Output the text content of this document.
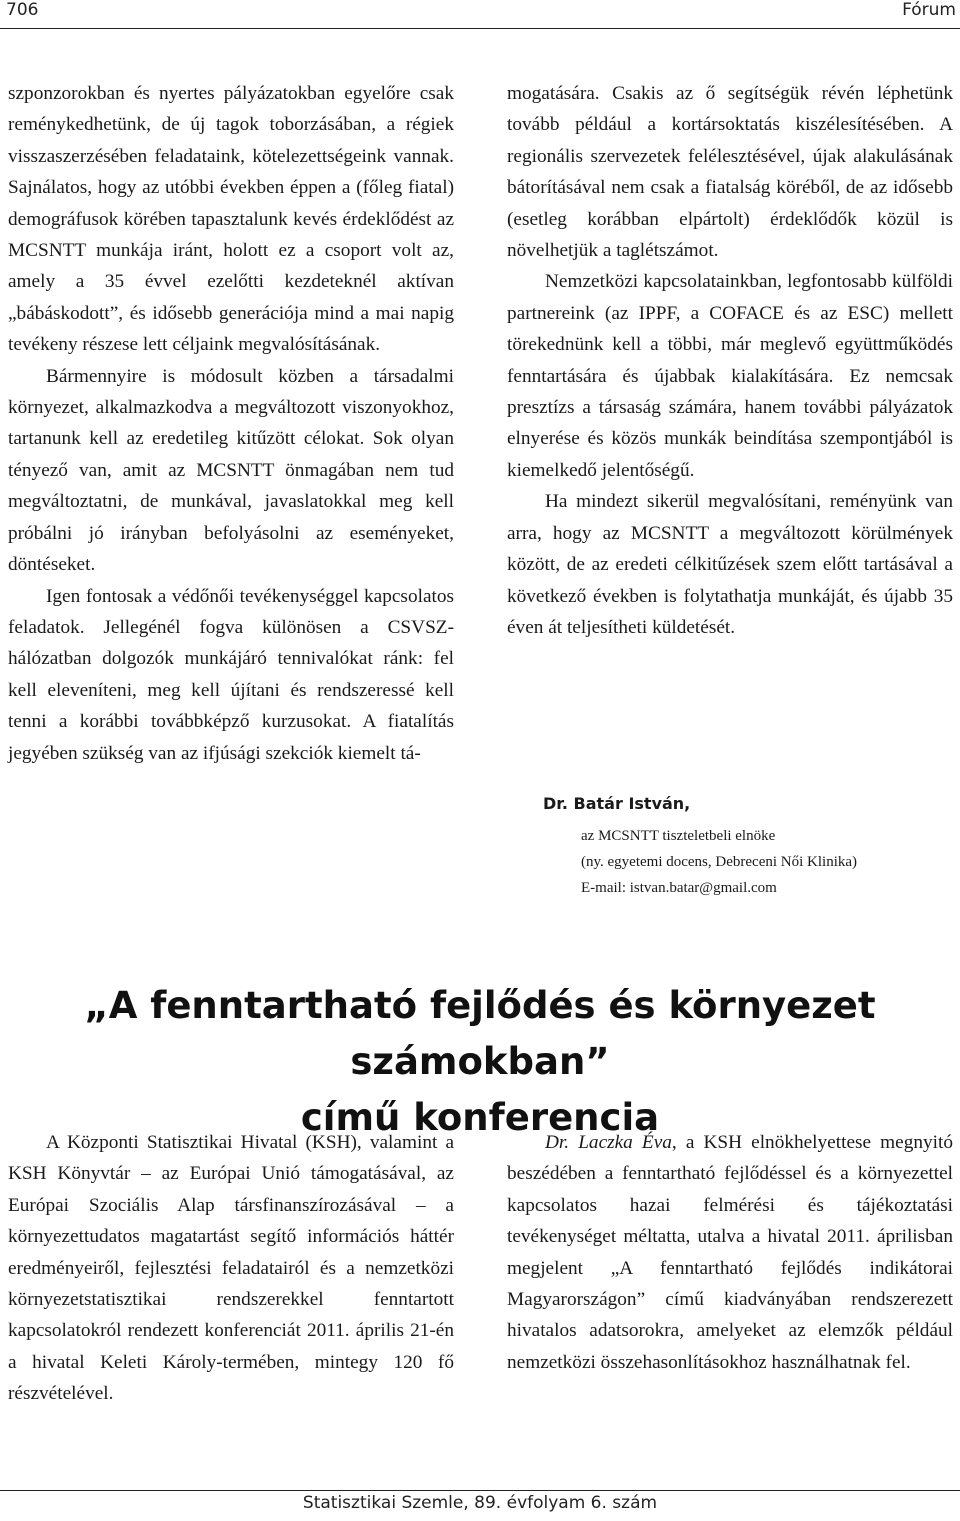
706	Fórum

szponzorokban és nyertes pályázatokban egyelőre csak reménykedhetünk, de új tagok toborzásában, a régiek visszaszerzésében feladataink, kötelezettségeink vannak. Sajnálatos, hogy az utóbbi években éppen a (főleg fiatal) demográfusok körében tapasztalunk kevés érdeklődést az MCSNTT munkája iránt, holott ez a csoport volt az, amely a 35 évvel ezelőtti kezdeteknél aktívan „bábáskodott”, és idősebb generációja mind a mai napig tevékeny részese lett céljaink megvalósításának.

Bármennyire is módosult közben a társadalmi környezet, alkalmazkodva a megváltozott viszonyokhoz, tartanunk kell az eredetileg kitűzött célokat. Sok olyan tényező van, amit az MCSNTT önmagában nem tud megváltoztatni, de munkával, javaslatokkal meg kell próbálni jó irányban befolyásolni az eseményeket, döntéseket.

Igen fontosak a védőnői tevékenységgel kapcsolatos feladatok. Jellegénél fogva különösen a CSVSZ-hálózatban dolgozók munkájáró tennivalókat ránk: fel kell eleveníteni, meg kell újítani és rendszeressé kell tenni a korábbi továbbképző kurzusokat. A fiatalítás jegyében szükség van az ifjúsági szekciók kiemelt tá-

mogatására. Csakis az ő segítségük révén léphetünk tovább például a kortársoktatás kiszélesítésében. A regionális szervezetek felélesztésével, újak alakulásának bátorításával nem csak a fiatalság köréből, de az idősebb (esetleg korábban elpártolt) érdeklődők közül is növelhetjük a taglétszámot.

Nemzetközi kapcsolatainkban, legfontosabb külföldi partnereink (az IPPF, a COFACE és az ESC) mellett törekednünk kell a többi, már meglevő együttműködés fenntartására és újabbak kialakítására. Ez nemcsak presztízs a társaság számára, hanem további pályázatok elnyerése és közös munkák beindítása szempontjából is kiemelkedő jelentőségű.

Ha mindezt sikerül megvalósítani, reményünk van arra, hogy az MCSNTT a megváltozott körülmények között, de az eredeti célkitűzések szem előtt tartásával a következő években is folytathatja munkáját, és újabb 35 éven át teljesítheti küldetését.

Dr. Batár István,

az MCSNTT tiszteletbeli elnöke

(ny. egyetemi docens, Debreceni Női Klinika)

E-mail: istvan.batar@gmail.com

„A fenntartható fejlődés és környezet számokban”
című konferencia

A Központi Statisztikai Hivatal (KSH), valamint a KSH Könyvtár – az Európai Unió támogatásával, az Európai Szociális Alap társfinanszírozásával – a környezettudatos magatartást segítő információs háttér eredményeiről, fejlesztési feladatairól és a nemzetközi környezetstatisztikai rendszerekkel fenntartott kapcsolatokról rendezett konferenciát 2011. április 21-én a hivatal Keleti Károly-termében, mintegy 120 fő részvételével.

Dr. Laczka Éva, a KSH elnökhelyettese megnyitó beszédében a fenntartható fejlődéssel és a környezettel kapcsolatos hazai felmérési és tájékoztatási tevékenységet méltatta, utalva a hivatal 2011. áprilisban megjelent „A fenntartható fejlődés indikátorai Magyarországon” című kiadványában rendszerezett hivatalos adatsorokra, amelyeket az elemzők például nemzetközi összehasonlításokhoz használhatnak fel.

Statisztikai Szemle, 89. évfolyam 6. szám
